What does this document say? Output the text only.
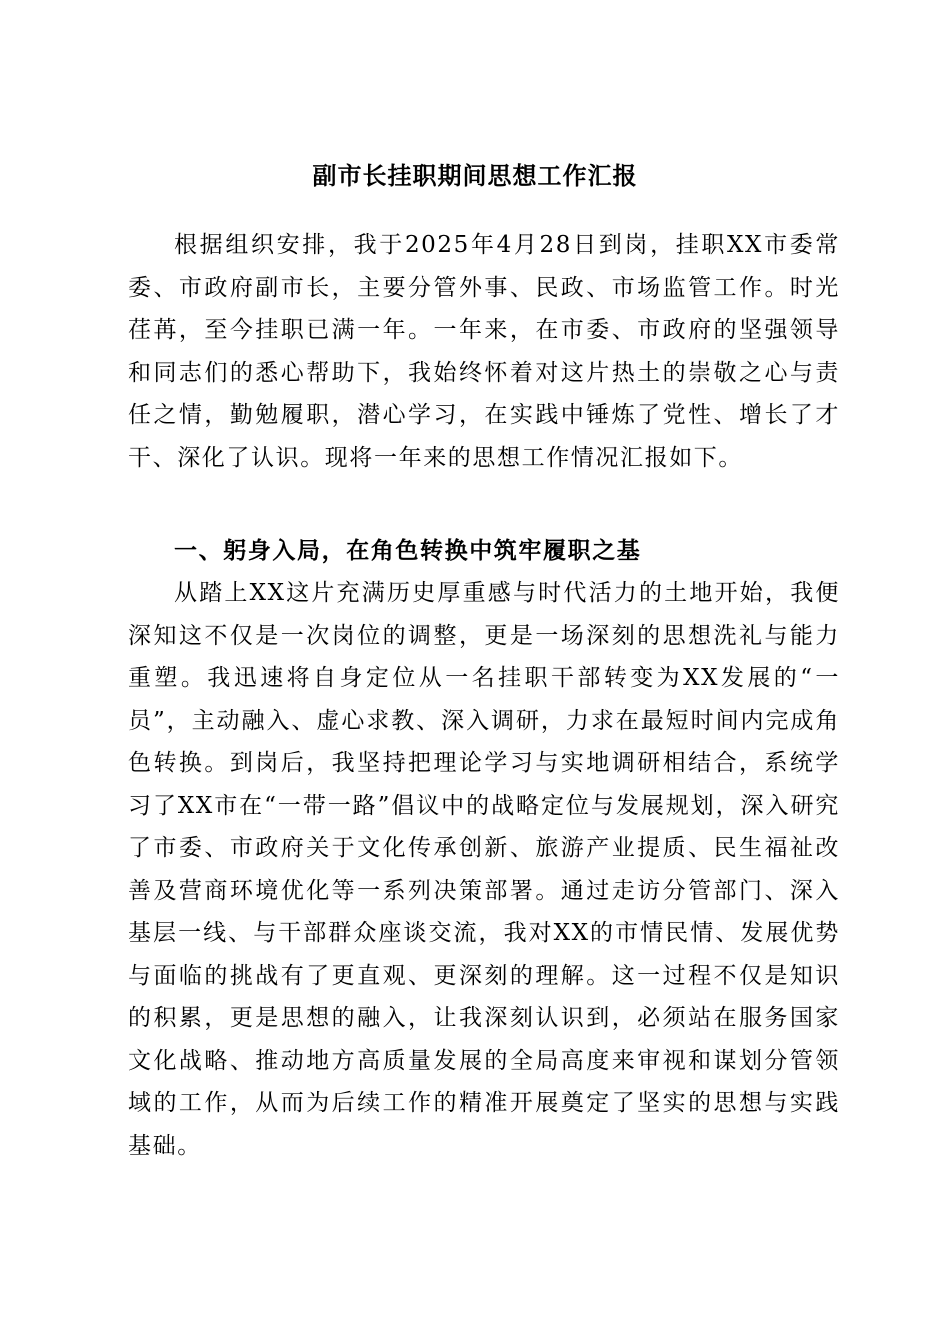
副市长挂职期间思想工作汇报

根据组织安排，我于2025年4月28日到岗，挂职XX市委常委、市政府副市长，主要分管外事、民政、市场监管工作。时光荏苒，至今挂职已满一年。一年来，在市委、市政府的坚强领导和同志们的悉心帮助下，我始终怀着对这片热土的崇敬之心与责任之情，勤勉履职，潜心学习，在实践中锤炼了党性、增长了才干、深化了认识。现将一年来的思想工作情况汇报如下。

一、躬身入局，在角色转换中筑牢履职之基

从踏上XX这片充满历史厚重感与时代活力的土地开始，我便深知这不仅是一次岗位的调整，更是一场深刻的思想洗礼与能力重塑。我迅速将自身定位从一名挂职干部转变为XX发展的“一员”，主动融入、虚心求教、深入调研，力求在最短时间内完成角色转换。到岗后，我坚持把理论学习与实地调研相结合，系统学习了XX市在“一带一路”倡议中的战略定位与发展规划，深入研究了市委、市政府关于文化传承创新、旅游产业提质、民生福祉改善及营商环境优化等一系列决策部署。通过走访分管部门、深入基层一线、与干部群众座谈交流，我对XX的市情民情、发展优势与面临的挑战有了更直观、更深刻的理解。这一过程不仅是知识的积累，更是思想的融入，让我深刻认识到，必须站在服务国家文化战略、推动地方高质量发展的全局高度来审视和谋划分管领域的工作，从而为后续工作的精准开展奠定了坚实的思想与实践基础。
